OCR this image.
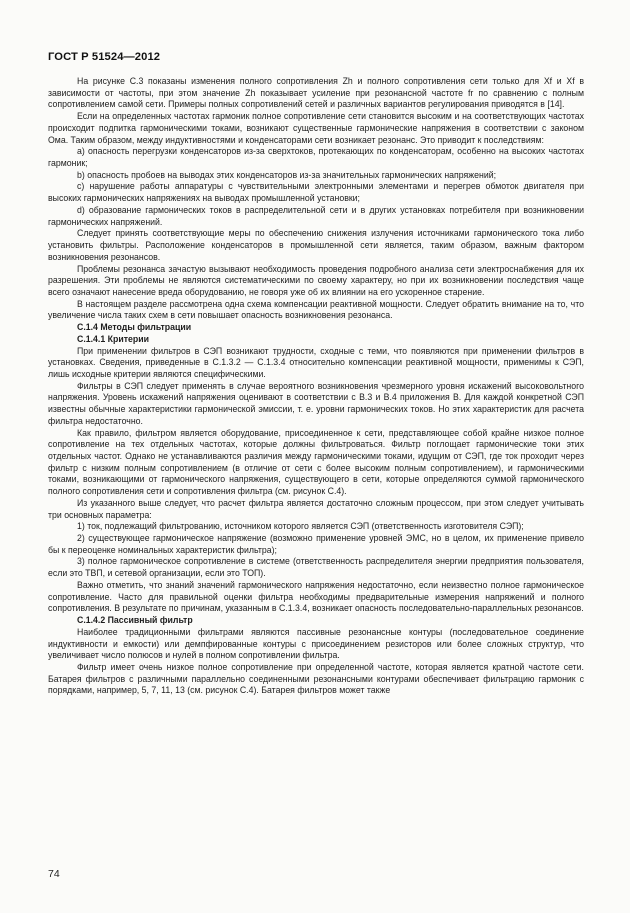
ГОСТ Р 51524—2012

На рисунке С.3 показаны изменения полного сопротивления Zh и полного сопротивления сети только для Xf и Xf в зависимости от частоты, при этом значение Zh показывает усиление при резонансной частоте fr по сравнению с полным сопротивлением самой сети. Примеры полных сопротивлений сетей и различных вариантов регулирования приводятся в [14].

Если на определенных частотах гармоник полное сопротивление сети становится высоким и на соответствующих частотах происходит подпитка гармоническими токами, возникают существенные гармонические напряжения в соответствии с законом Ома. Таким образом, между индуктивностями и конденсаторами сети возникает резонанс. Это приводит к последствиям:

a) опасность перегрузки конденсаторов из-за сверхтоков, протекающих по конденсаторам, особенно на высоких частотах гармоник;

b) опасность пробоев на выводах этих конденсаторов из-за значительных гармонических напряжений;

c) нарушение работы аппаратуры с чувствительными электронными элементами и перегрев обмоток двигателя при высоких гармонических напряжениях на выводах промышленной установки;

d) образование гармонических токов в распределительной сети и в других установках потребителя при возникновении гармонических напряжений.

Следует принять соответствующие меры по обеспечению снижения излучения источниками гармонического тока либо установить фильтры. Расположение конденсаторов в промышленной сети является, таким образом, важным фактором возникновения резонансов.

Проблемы резонанса зачастую вызывают необходимость проведения подробного анализа сети электроснабжения для их разрешения. Эти проблемы не являются систематическими по своему характеру, но при их возникновении последствия чаще всего означают нанесение вреда оборудованию, не говоря уже об их влиянии на его ускоренное старение.

В настоящем разделе рассмотрена одна схема компенсации реактивной мощности. Следует обратить внимание на то, что увеличение числа таких схем в сети повышает опасность возникновения резонанса.

С.1.4 Методы фильтрации

С.1.4.1 Критерии

При применении фильтров в СЭП возникают трудности, сходные с теми, что появляются при применении фильтров в установках. Сведения, приведенные в С.1.3.2 — С.1.3.4 относительно компенсации реактивной мощности, применимы к СЭП, лишь исходные критерии являются специфическими.

Фильтры в СЭП следует применять в случае вероятного возникновения чрезмерного уровня искажений высоковольтного напряжения. Уровень искажений напряжения оценивают в соответствии с В.3 и В.4 приложения В. Для каждой конкретной СЭП известны обычные характеристики гармонической эмиссии, т. е. уровни гармонических токов. Но этих характеристик для расчета фильтра недостаточно.

Как правило, фильтром является оборудование, присоединенное к сети, представляющее собой крайне низкое полное сопротивление на тех отдельных частотах, которые должны фильтроваться. Фильтр поглощает гармонические токи этих отдельных частот. Однако не устанавливаются различия между гармоническими токами, идущим от СЭП, где ток проходит через фильтр с низким полным сопротивлением (в отличие от сети с более высоким полным сопротивлением), и гармоническими токами, возникающими от гармонического напряжения, существующего в сети, которые определяются суммой гармонического полного сопротивления сети и сопротивления фильтра (см. рисунок С.4).

Из указанного выше следует, что расчет фильтра является достаточно сложным процессом, при этом следует учитывать три основных параметра:

1) ток, подлежащий фильтрованию, источником которого является СЭП (ответственность изготовителя СЭП);

2) существующее гармоническое напряжение (возможно применение уровней ЭМС, но в целом, их применение привело бы к переоценке номинальных характеристик фильтра);

3) полное гармоническое сопротивление в системе (ответственность распределителя энергии предприятия пользователя, если это ТВП, и сетевой организации, если это ТОП).

Важно отметить, что знаний значений гармонического напряжения недостаточно, если неизвестно полное гармоническое сопротивление. Часто для правильной оценки фильтра необходимы предварительные измерения напряжений и полного сопротивления. В результате по причинам, указанным в С.1.3.4, возникает опасность последовательно-параллельных резонансов.

С.1.4.2 Пассивный фильтр

Наиболее традиционными фильтрами являются пассивные резонансные контуры (последовательное соединение индуктивности и емкости) или демпфированные контуры с присоединением резисторов или более сложных структур, что увеличивает число полюсов и нулей в полном сопротивлении фильтра.

Фильтр имеет очень низкое полное сопротивление при определенной частоте, которая является кратной частоте сети. Батарея фильтров с различными параллельно соединенными резонансными контурами обеспечивает фильтрацию гармоник с порядками, например, 5, 7, 11, 13 (см. рисунок С.4). Батарея фильтров может также

74
